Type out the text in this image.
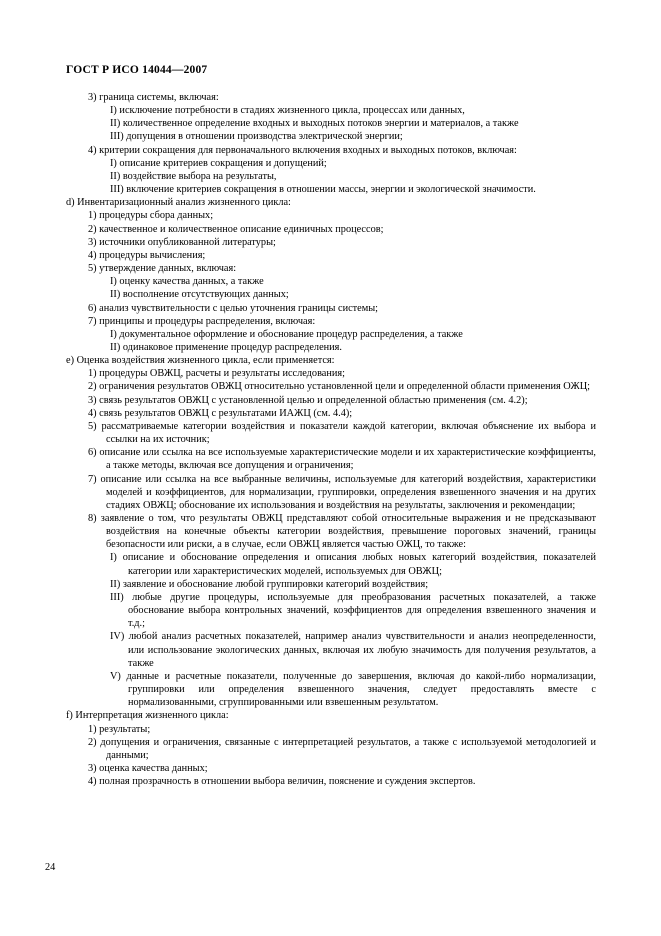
ГОСТ Р ИСО 14044—2007

3) граница системы, включая:

I) исключение потребности в стадиях жизненного цикла, процессах или данных,

II) количественное определение входных и выходных потоков энергии и материалов, а также

III) допущения в отношении производства электрической энергии;

4) критерии сокращения для первоначального включения входных и выходных потоков, включая:

I) описание критериев сокращения и допущений;

II) воздействие выбора на результаты,

III) включение критериев сокращения в отношении массы, энергии и экологической значимости.

d) Инвентаризационный анализ жизненного цикла:

1) процедуры сбора данных;

2) качественное и количественное описание единичных процессов;

3) источники опубликованной литературы;

4) процедуры вычисления;

5) утверждение данных, включая:

I) оценку качества данных, а также

II) восполнение отсутствующих данных;

6) анализ чувствительности с целью уточнения границы системы;

7) принципы и процедуры распределения, включая:

I) документальное оформление и обоснование процедур распределения, а также

II) одинаковое применение процедур распределения.

e) Оценка воздействия жизненного цикла, если применяется:

1) процедуры ОВЖЦ, расчеты и результаты исследования;

2) ограничения результатов ОВЖЦ относительно установленной цели и определенной области применения ОЖЦ;

3) связь результатов ОВЖЦ с установленной целью и определенной областью применения (см. 4.2);

4) связь результатов ОВЖЦ с результатами ИАЖЦ (см. 4.4);

5) рассматриваемые категории воздействия и показатели каждой категории, включая объяснение их выбора и ссылки на их источник;

6) описание или ссылка на все используемые характеристические модели и их характеристические коэффициенты, а также методы, включая все допущения и ограничения;

7) описание или ссылка на все выбранные величины, используемые для категорий воздействия, характеристики моделей и коэффициентов, для нормализации, группировки, определения взвешенного значения и на других стадиях ОВЖЦ; обоснование их использования и воздействия на результаты, заключения и рекомендации;

8) заявление о том, что результаты ОВЖЦ представляют собой относительные выражения и не предсказывают воздействия на конечные объекты категории воздействия, превышение пороговых значений, границы безопасности или риски, а в случае, если ОВЖЦ является частью ОЖЦ, то также:

I) описание и обоснование определения и описания любых новых категорий воздействия, показателей категории или характеристических моделей, используемых для ОВЖЦ;

II) заявление и обоснование любой группировки категорий воздействия;

III) любые другие процедуры, используемые для преобразования расчетных показателей, а также обоснование выбора контрольных значений, коэффициентов для определения взвешенного значения и т.д.;

IV) любой анализ расчетных показателей, например анализ чувствительности и анализ неопределенности, или использование экологических данных, включая их любую значимость для получения результатов, а также

V) данные и расчетные показатели, полученные до завершения, включая до какой-либо нормализации, группировки или определения взвешенного значения, следует предоставлять вместе с нормализованными, сгруппированными или взвешенным результатом.

f) Интерпретация жизненного цикла:

1) результаты;

2) допущения и ограничения, связанные с интерпретацией результатов, а также с используемой методологией и данными;

3) оценка качества данных;

4) полная прозрачность в отношении выбора величин, пояснение и суждения экспертов.

24
